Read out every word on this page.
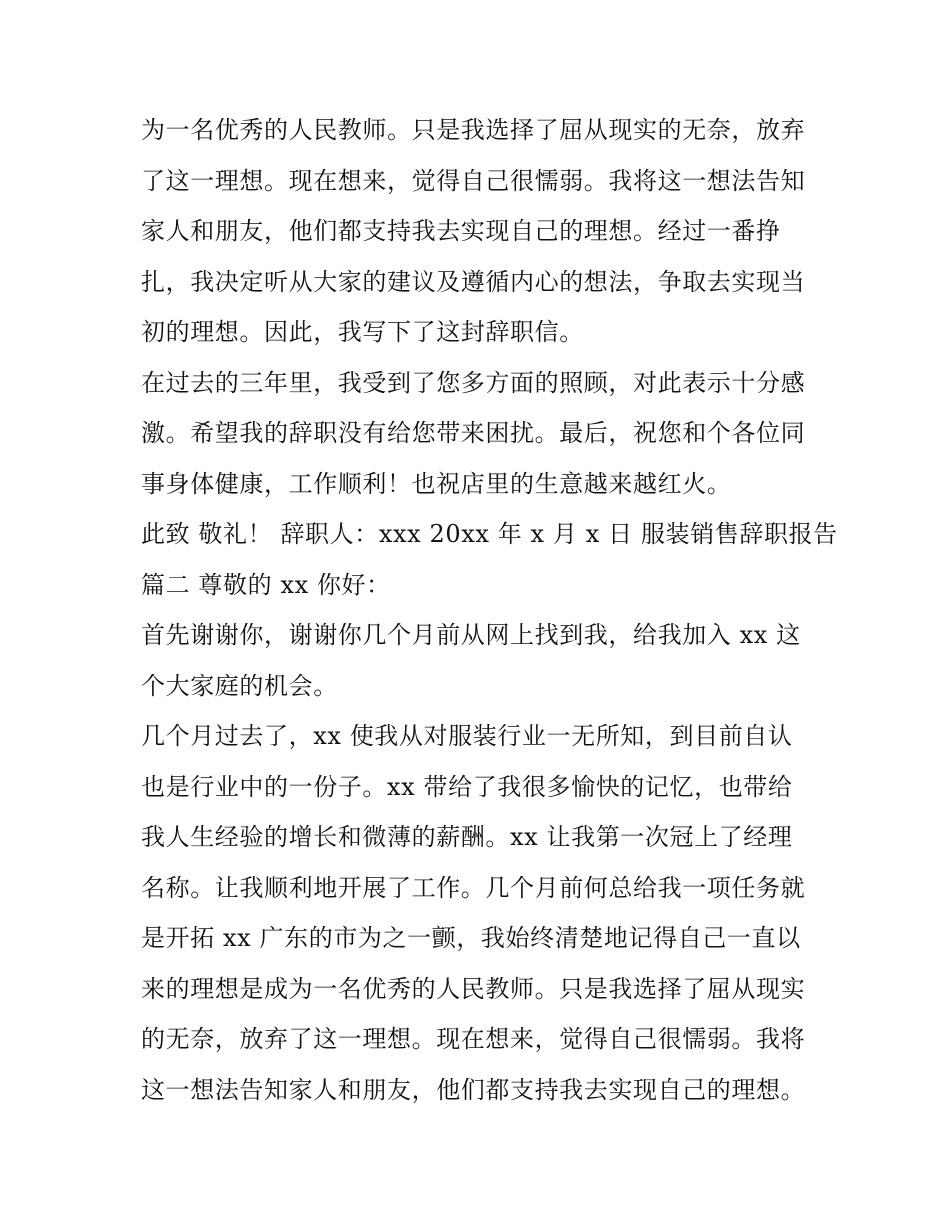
为一名优秀的人民教师。只是我选择了屈从现实的无奈，放弃
了这一理想。现在想来，觉得自己很懦弱。我将这一想法告知
家人和朋友，他们都支持我去实现自己的理想。经过一番挣
扎，我决定听从大家的建议及遵循内心的想法，争取去实现当
初的理想。因此，我写下了这封辞职信。
在过去的三年里，我受到了您多方面的照顾，对此表示十分感
激。希望我的辞职没有给您带来困扰。最后，祝您和个各位同
事身体健康，工作顺利！也祝店里的生意越来越红火。
此致 敬礼！ 辞职人：xxx 20xx 年 x 月 x 日 服装销售辞职报告
篇二 尊敬的 xx 你好：
首先谢谢你，谢谢你几个月前从网上找到我，给我加入 xx 这
个大家庭的机会。
几个月过去了，xx 使我从对服装行业一无所知，到目前自认
也是行业中的一份子。xx 带给了我很多愉快的记忆，也带给
我人生经验的增长和微薄的薪酬。xx 让我第一次冠上了经理
名称。让我顺利地开展了工作。几个月前何总给我一项任务就
是开拓 xx 广东的市为之一颤，我始终清楚地记得自己一直以
来的理想是成为一名优秀的人民教师。只是我选择了屈从现实
的无奈，放弃了这一理想。现在想来，觉得自己很懦弱。我将
这一想法告知家人和朋友，他们都支持我去实现自己的理想。
